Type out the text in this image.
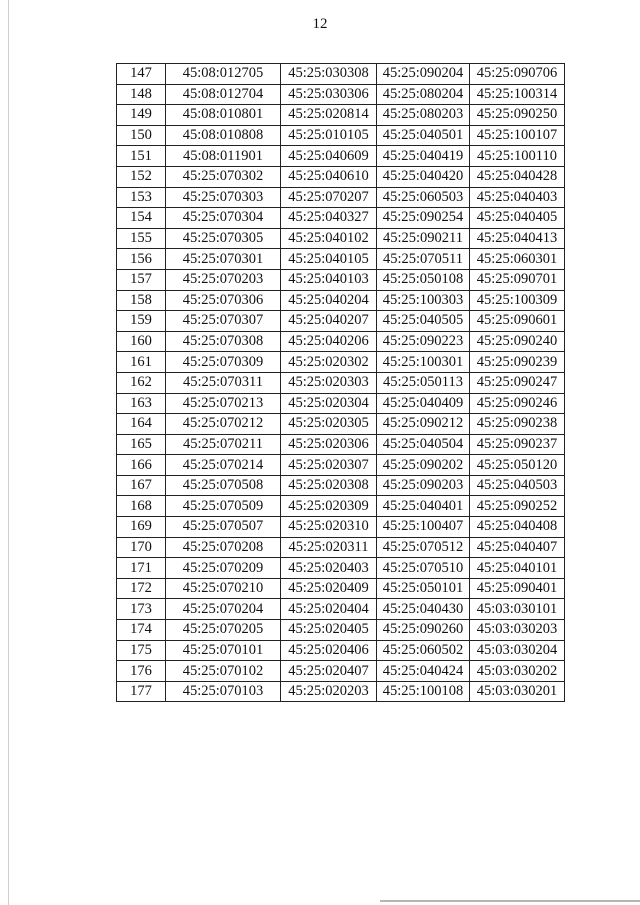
12
147	45:08:012705	45:25:030308	45:25:090204	45:25:090706
148	45:08:012704	45:25:030306	45:25:080204	45:25:100314
149	45:08:010801	45:25:020814	45:25:080203	45:25:090250
150	45:08:010808	45:25:010105	45:25:040501	45:25:100107
151	45:08:011901	45:25:040609	45:25:040419	45:25:100110
152	45:25:070302	45:25:040610	45:25:040420	45:25:040428
153	45:25:070303	45:25:070207	45:25:060503	45:25:040403
154	45:25:070304	45:25:040327	45:25:090254	45:25:040405
155	45:25:070305	45:25:040102	45:25:090211	45:25:040413
156	45:25:070301	45:25:040105	45:25:070511	45:25:060301
157	45:25:070203	45:25:040103	45:25:050108	45:25:090701
158	45:25:070306	45:25:040204	45:25:100303	45:25:100309
159	45:25:070307	45:25:040207	45:25:040505	45:25:090601
160	45:25:070308	45:25:040206	45:25:090223	45:25:090240
161	45:25:070309	45:25:020302	45:25:100301	45:25:090239
162	45:25:070311	45:25:020303	45:25:050113	45:25:090247
163	45:25:070213	45:25:020304	45:25:040409	45:25:090246
164	45:25:070212	45:25:020305	45:25:090212	45:25:090238
165	45:25:070211	45:25:020306	45:25:040504	45:25:090237
166	45:25:070214	45:25:020307	45:25:090202	45:25:050120
167	45:25:070508	45:25:020308	45:25:090203	45:25:040503
168	45:25:070509	45:25:020309	45:25:040401	45:25:090252
169	45:25:070507	45:25:020310	45:25:100407	45:25:040408
170	45:25:070208	45:25:020311	45:25:070512	45:25:040407
171	45:25:070209	45:25:020403	45:25:070510	45:25:040101
172	45:25:070210	45:25:020409	45:25:050101	45:25:090401
173	45:25:070204	45:25:020404	45:25:040430	45:03:030101
174	45:25:070205	45:25:020405	45:25:090260	45:03:030203
175	45:25:070101	45:25:020406	45:25:060502	45:03:030204
176	45:25:070102	45:25:020407	45:25:040424	45:03:030202
177	45:25:070103	45:25:020203	45:25:100108	45:03:030201
